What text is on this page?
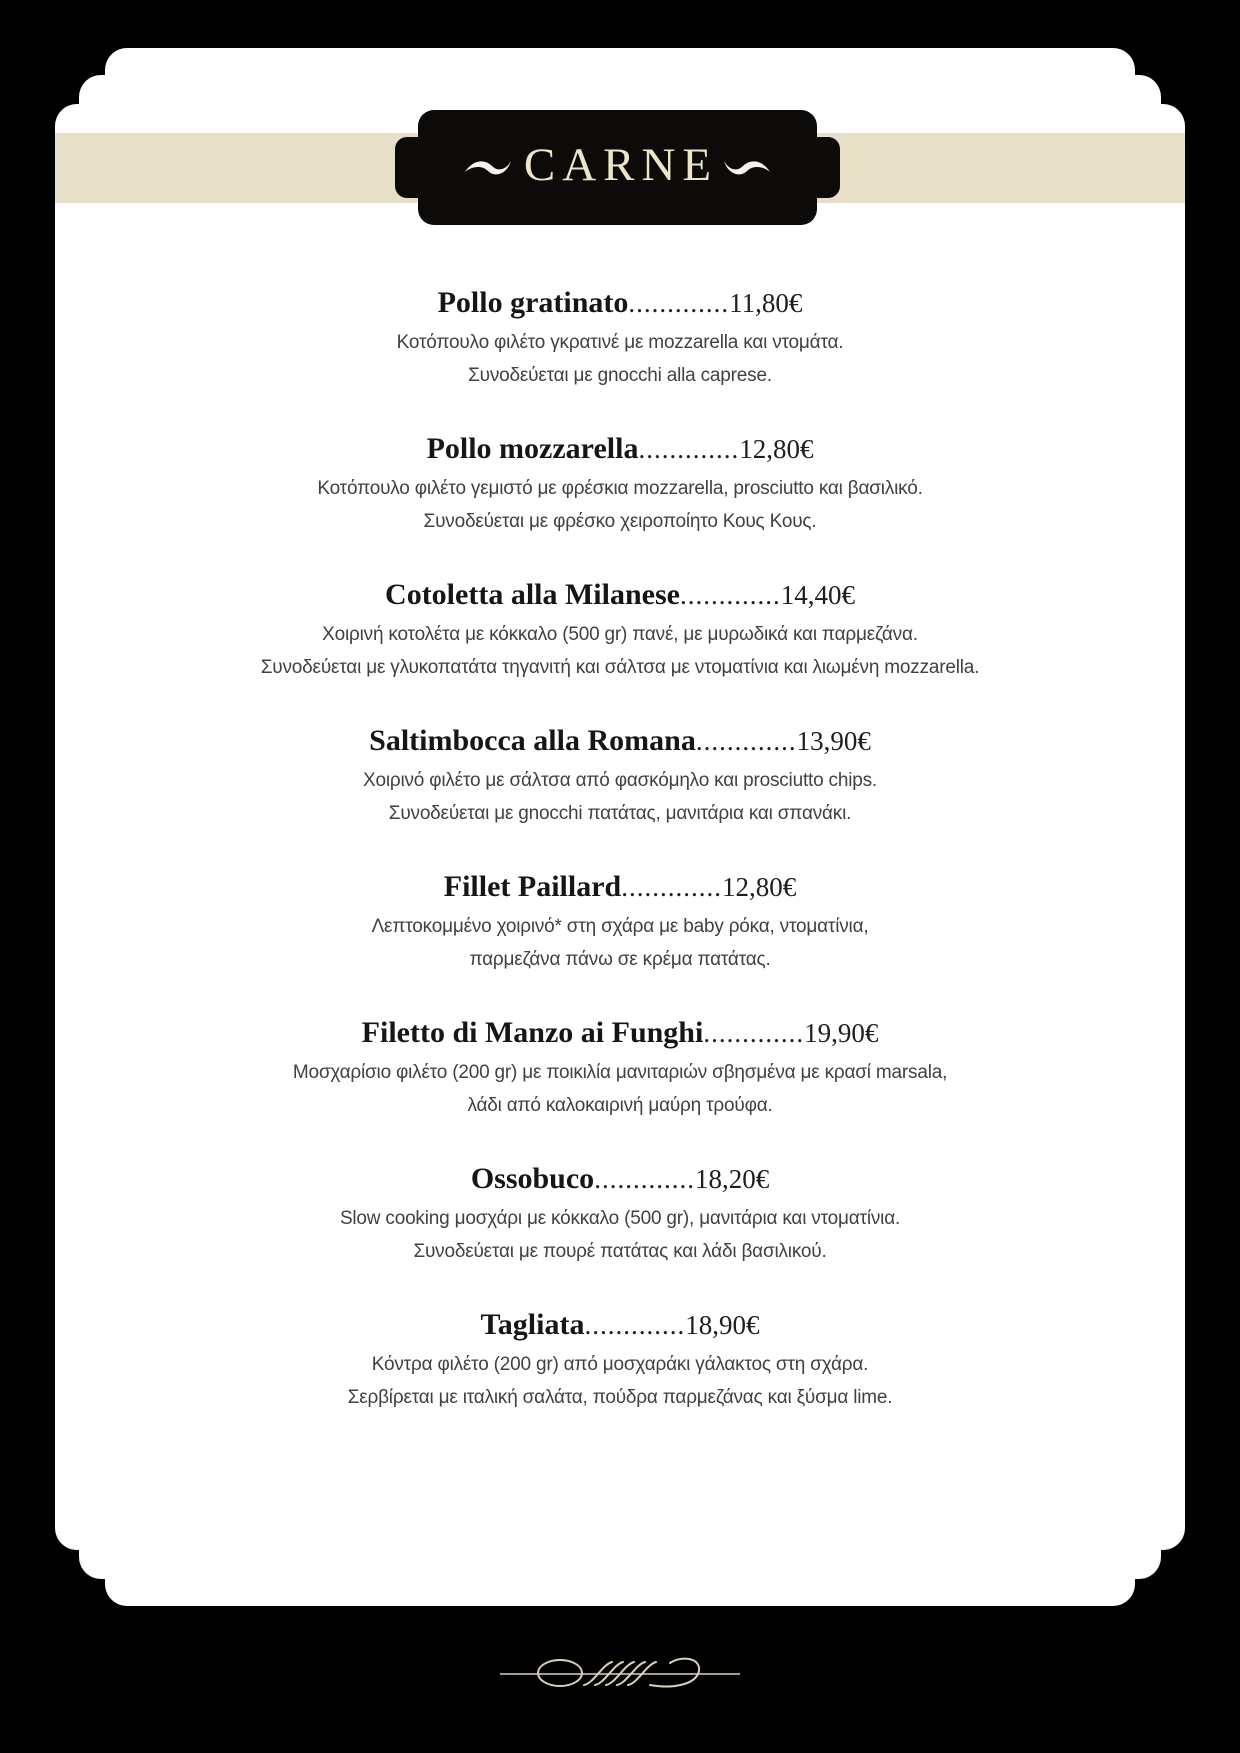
CARNE
Pollo gratinato.............11,80€
Κοτόπουλο φιλέτο γκρατινέ με mozzarella και ντομάτα.
Συνοδεύεται με gnocchi alla caprese.
Pollo mozzarella.............12,80€
Κοτόπουλο φιλέτο γεμιστό με φρέσκια mozzarella, prosciutto και βασιλικό.
Συνοδεύεται με φρέσκο χειροποίητο Κους Κους.
Cotoletta alla Milanese.............14,40€
Χοιρινή κοτολέτα με κόκκαλο (500 gr) πανέ, με μυρωδικά και παρμεζάνα.
Συνοδεύεται με γλυκοπατάτα τηγανιτή και σάλτσα με ντοματίνια και λιωμένη mozzarella.
Saltimbocca alla Romana.............13,90€
Χοιρινό φιλέτο με σάλτσα από φασκόμηλο και prosciutto chips.
Συνοδεύεται με gnocchi πατάτας, μανιτάρια και σπανάκι.
Fillet Paillard.............12,80€
Λεπτοκομμένο χοιρινό* στη σχάρα με baby ρόκα, ντοματίνια,
παρμεζάνα πάνω σε κρέμα πατάτας.
Filetto di Manzo ai Funghi.............19,90€
Μοσχαρίσιο φιλέτο (200 gr) με ποικιλία μανιταριών σβησμένα με κρασί marsala,
λάδι από καλοκαιρινή μαύρη τρούφα.
Ossobuco.............18,20€
Slow cooking μοσχάρι με κόκκαλο (500 gr), μανιτάρια και ντοματίνια.
Συνοδεύεται με πουρέ πατάτας και λάδι βασιλικού.
Tagliata.............18,90€
Κόντρα φιλέτο (200 gr) από μοσχαράκι γάλακτος στη σχάρα.
Σερβίρεται με ιταλική σαλάτα, πούδρα παρμεζάνας και ξύσμα lime.
